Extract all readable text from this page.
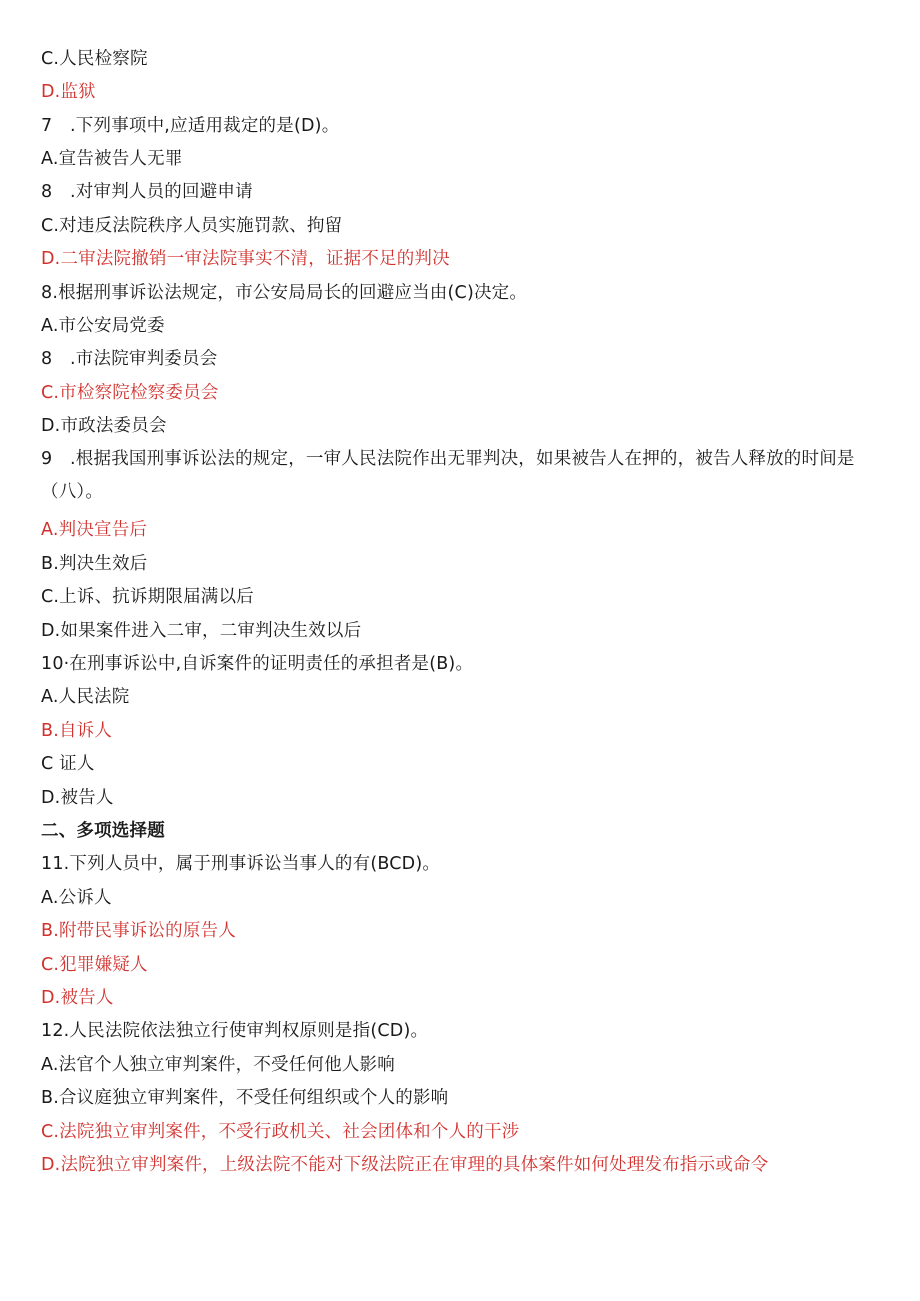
C.人民检察院
D.监狱
7　.下列事项中,应适用裁定的是(D)。
A.宣告被告人无罪
8　.对审判人员的回避申请
C.对违反法院秩序人员实施罚款、拘留
D.二审法院撤销一审法院事实不清，证据不足的判决
8.根据刑事诉讼法规定，市公安局局长的回避应当由(C)决定。
A.市公安局党委
8　.市法院审判委员会
C.市检察院检察委员会
D.市政法委员会
9　.根据我国刑事诉讼法的规定，一审人民法院作出无罪判决，如果被告人在押的，被告人释放的时间是（八）。
A.判决宣告后
B.判决生效后
C.上诉、抗诉期限届满以后
D.如果案件进入二审，二审判决生效以后
10·在刑事诉讼中,自诉案件的证明责任的承担者是(B)。
A.人民法院
B.自诉人
C 证人
D.被告人
二、多项选择题
11.下列人员中，属于刑事诉讼当事人的有(BCD)。
A.公诉人
B.附带民事诉讼的原告人
C.犯罪嫌疑人
D.被告人
12.人民法院依法独立行使审判权原则是指(CD)。
A.法官个人独立审判案件，不受任何他人影响
B.合议庭独立审判案件，不受任何组织或个人的影响
C.法院独立审判案件，不受行政机关、社会团体和个人的干涉
D.法院独立审判案件，上级法院不能对下级法院正在审理的具体案件如何处理发布指示或命令
